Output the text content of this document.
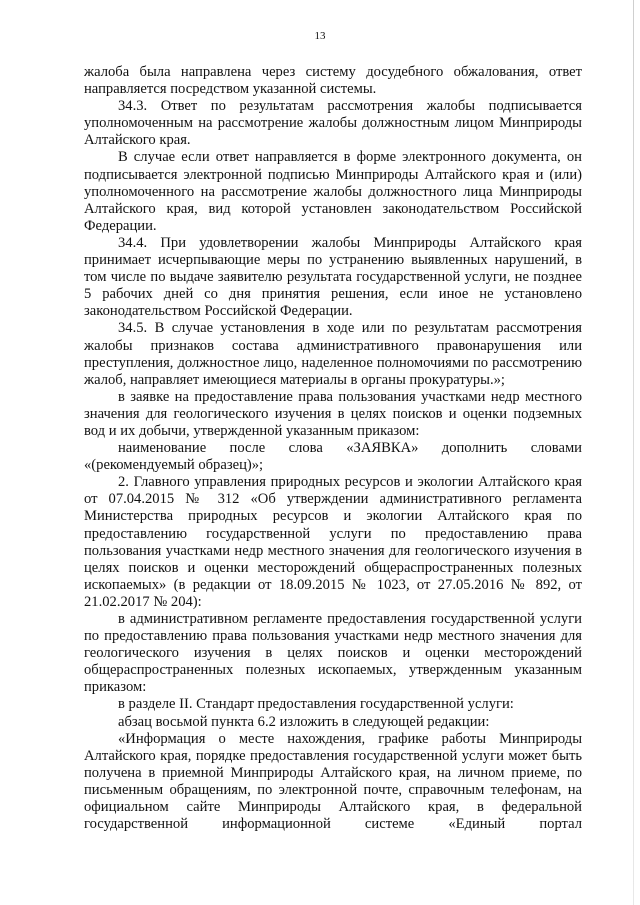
13

жалоба была направлена через систему досудебного обжалования, ответ направляется посредством указанной системы.

34.3. Ответ по результатам рассмотрения жалобы подписывается уполномоченным на рассмотрение жалобы должностным лицом Минприроды Алтайского края.

В случае если ответ направляется в форме электронного документа, он подписывается электронной подписью Минприроды Алтайского края и (или) уполномоченного на рассмотрение жалобы должностного лица Минприроды Алтайского края, вид которой установлен законодательством Российской Федерации.

34.4. При удовлетворении жалобы Минприроды Алтайского края принимает исчерпывающие меры по устранению выявленных нарушений, в том числе по выдаче заявителю результата государственной услуги, не позднее 5 рабочих дней со дня принятия решения, если иное не установлено законодательством Российской Федерации.

34.5. В случае установления в ходе или по результатам рассмотрения жалобы признаков состава административного правонарушения или преступления, должностное лицо, наделенное полномочиями по рассмотрению жалоб, направляет имеющиеся материалы в органы прокуратуры.»;

в заявке на предоставление права пользования участками недр местного значения для геологического изучения в целях поисков и оценки подземных вод и их добычи, утвержденной указанным приказом:

наименование после слова «ЗАЯВКА» дополнить словами «(рекомендуемый образец)»;

2. Главного управления природных ресурсов и экологии Алтайского края от 07.04.2015 № 312 «Об утверждении административного регламента Министерства природных ресурсов и экологии Алтайского края по предоставлению государственной услуги по предоставлению права пользования участками недр местного значения для геологического изучения в целях поисков и оценки месторождений общераспространенных полезных ископаемых» (в редакции от 18.09.2015 № 1023, от 27.05.2016 № 892, от 21.02.2017 № 204):

в административном регламенте предоставления государственной услуги по предоставлению права пользования участками недр местного значения для геологического изучения в целях поисков и оценки месторождений общераспространенных полезных ископаемых, утвержденным указанным приказом:

в разделе II. Стандарт предоставления государственной услуги:

абзац восьмой пункта 6.2 изложить в следующей редакции:

«Информация о месте нахождения, графике работы Минприроды Алтайского края, порядке предоставления государственной услуги может быть получена в приемной Минприроды Алтайского края, на личном приеме, по письменным обращениям, по электронной почте, справочным телефонам, на официальном сайте Минприроды Алтайского края, в федеральной государственной информационной системе «Единый портал
